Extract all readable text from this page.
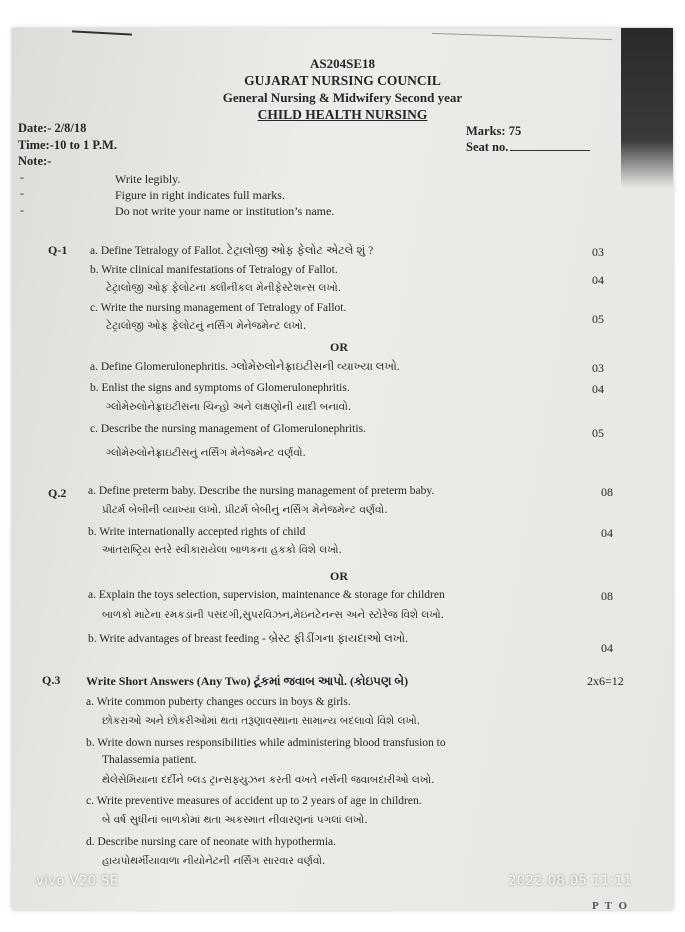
AS204SE18
GUJARAT NURSING COUNCIL
General Nursing & Midwifery Second year
CHILD HEALTH NURSING
Date:- 2/8/18
Time:-10 to 1 P.M.
Note:-
Marks: 75
Seat no.
-
-
-
Write legibly.
Figure in right indicates full marks.
Do not write your name or institution’s name.
Q-1 a. Define Tetralogy of Fallot. ટેટ્રાલોજી ઓફ ફેલોટ એટલે શું ?	03
b. Write clinical manifestations of Tetralogy of Fallot.
ટેટ્રાલોજી ઓફ ફેલોટના ક્લીનીકલ મેનીફેસ્ટેશન્સ લખો.
04
c. Write the nursing management of Tetralogy of Fallot.
ટેટ્રાલોજી ઓફ ફેલોટનું નર્સિંગ મેનેજમેન્ટ લખો.	05
OR
a. Define Glomerulonephritis. ગ્લોમેરુલોનેફ્રાઇટીસની વ્યાખ્યા લખો.	03
b. Enlist the signs and symptoms of Glomerulonephritis.	04
ગ્લોમેરુલોનેફ્રાઇટીસના ચિન્હો અને લક્ષણોની યાદી બનાવો.
c. Describe the nursing management of Glomerulonephritis.	05
ગ્લોમેરુલોનેફ્રાઇટીસનું નર્સિંગ મેનેજમેન્ટ વર્ણવો.
Q.2 a. Define preterm baby. Describe the nursing management of preterm baby.	08
પ્રીટર્મ બેબીની વ્યાખ્યા લખો. પ્રીટર્મ બેબીનું નર્સિંગ મેનેજમેન્ટ વર્ણવો.
b. Write internationally accepted rights of child	04
આંતરાષ્ટ્રિય સ્તરે સ્વીકારાયેલા બાળકના હકકો વિશે લખો.
OR
a. Explain the toys selection, supervision, maintenance & storage for children	08
બાળકો માટેના રમકડાંની પસંદગી,સુપરવિઝન,મેઇનટેનન્સ અને સ્ટોરેજ વિશે લખો.
b. Write advantages of breast feeding - બ્રેસ્ટ ફીડીંગના ફાયદાઓ લખો.
04
Q.3 Write Short Answers (Any Two) ટૂંકમાં જવાબ આપો. (કોઇપણ બે)	2x6=12
a. Write common puberty changes occurs in boys & girls.
છોકરાઓ અને છોકરીઓમાં થતાં તરૂણાવસ્થાના સામાન્ય બદલાવો વિશે લખો.
b. Write down nurses responsibilities while administering blood transfusion to
Thalassemia patient.
થેલેસેમિયાના દર્દીને બ્લડ ટ્રાન્સફ્યુઝન કરતી વખતે નર્સની જવાબદારીઓ લખો.
c. Write preventive measures of accident up to 2 years of age in children.
બે વર્ષ સુધીનાં બાળકોમાં થતા અકસ્માત નીવારણનાં પગલાં લખો.
d. Describe nursing care of neonate with hypothermia.
હાયપોથર્મીયાવાળા નીયોનેટની નર્સિંગ સારવાર વર્ણવો.
vivo V20 SE	2022.08.05 11:11
P T O
